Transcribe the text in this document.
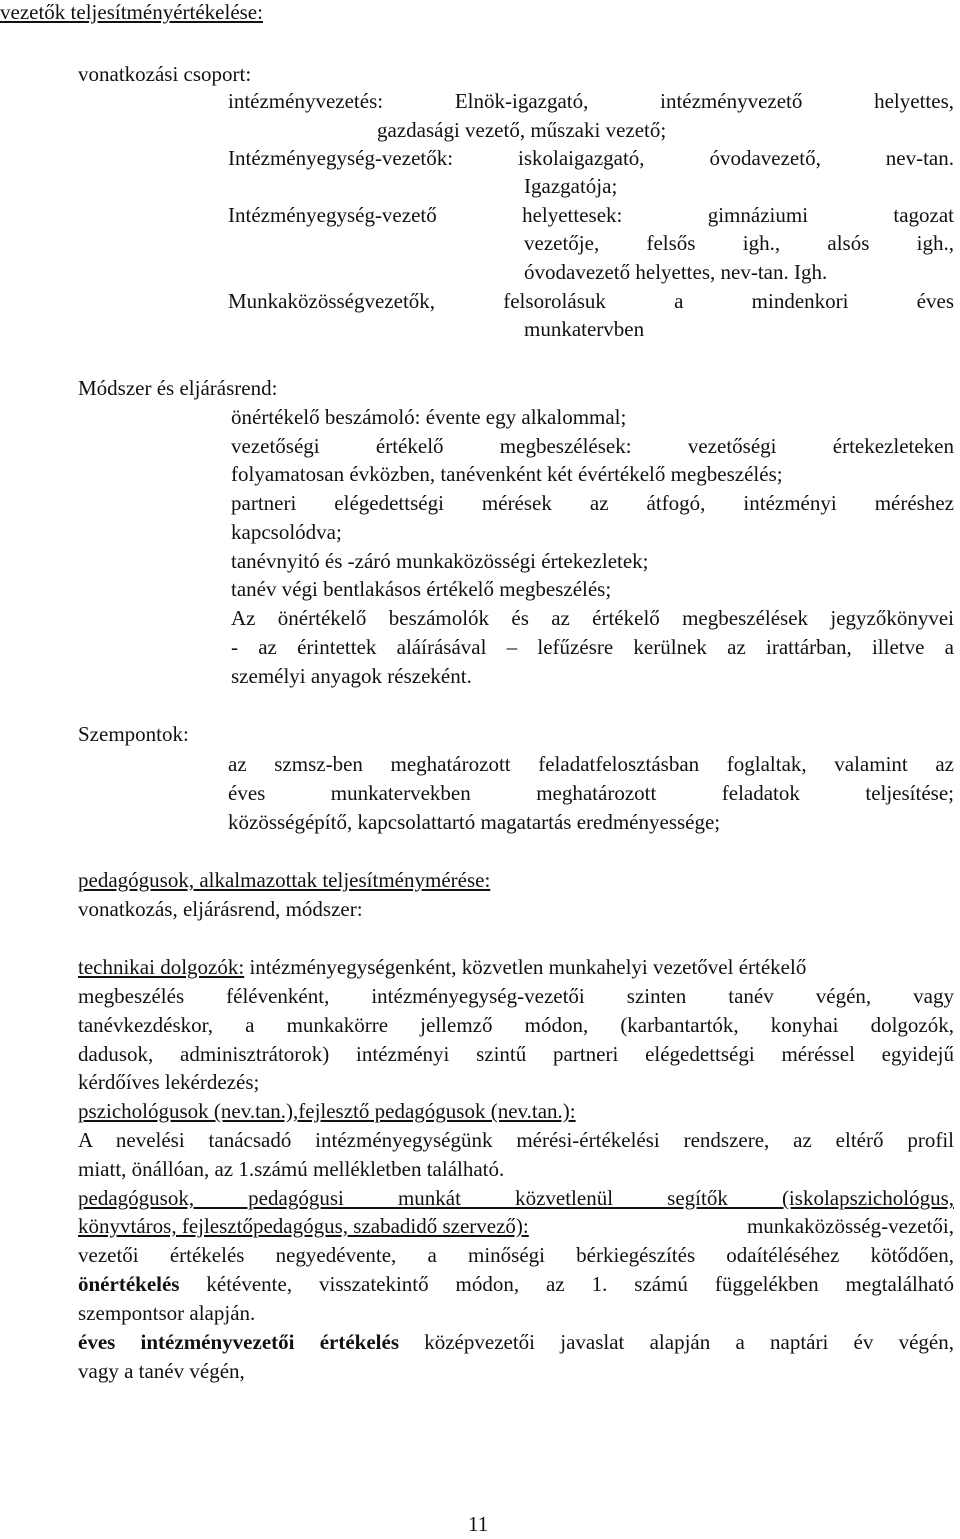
vezetők teljesítményértékelése:
vonatkozási csoport:
intézményvezetés: Elnök-igazgató, intézményvezető helyettes,
gazdasági vezető, műszaki vezető;
Intézményegység-vezetők: iskolaigazgató, óvodavezető, nev-tan.
Igazgatója;
Intézményegység-vezető helyettesek: gimnáziumi tagozat
vezetője, felsős igh., alsós igh.,
óvodavezető helyettes, nev-tan. Igh.
Munkaközösségvezetők, felsorolásuk a mindenkori éves
munkatervben
Módszer és eljárásrend:
önértékelő beszámoló: évente egy alkalommal;
vezetőségi értékelő megbeszélések: vezetőségi értekezleteken
folyamatosan évközben, tanévenként két évértékelő megbeszélés;
partneri elégedettségi mérések az átfogó, intézményi méréshez
kapcsolódva;
tanévnyitó és -záró munkaközösségi értekezletek;
tanév végi bentlakásos értékelő megbeszélés;
Az önértékelő beszámolók és az értékelő megbeszélések jegyzőkönyvei
- az érintettek aláírásával – lefűzésre kerülnek az irattárban, illetve a
személyi anyagok részeként.
Szempontok:
az szmsz-ben meghatározott feladatfelosztásban foglaltak, valamint az
éves munkatervekben meghatározott feladatok teljesítése;
közösségépítő, kapcsolattartó magatartás eredményessége;
pedagógusok, alkalmazottak teljesítménymérése:
vonatkozás, eljárásrend, módszer:
technikai dolgozók: intézményegységenként, közvetlen munkahelyi vezetővel értékelő
megbeszélés félévenként, intézményegység-vezetői szinten tanév végén, vagy
tanévkezdéskor, a munkakörre jellemző módon, (karbantartók, konyhai dolgozók,
dadusok, adminisztrátorok) intézményi szintű partneri elégedettségi méréssel egyidejű
kérdőíves lekérdezés;
pszichológusok (nev.tan.),fejlesztő pedagógusok (nev.tan.):
A nevelési tanácsadó intézményegységünk mérési-értékelési rendszere, az eltérő profil
miatt, önállóan, az 1.számú mellékletben található.
pedagógusok, pedagógusi munkát közvetlenül segítők (iskolapszichológus,
könyvtáros, fejlesztőpedagógus, szabadidő szervező):	munkaközösség-vezetői,
vezetői értékelés negyedévente, a minőségi bérkiegészítés odaítéléséhez kötődően,
önértékelés kétévente, visszatekintő módon, az 1. számú függelékben megtalálható
szempontsor alapján.
éves intézményvezetői értékelés középvezetői javaslat alapján a naptári év végén,
vagy a tanév végén,
11
